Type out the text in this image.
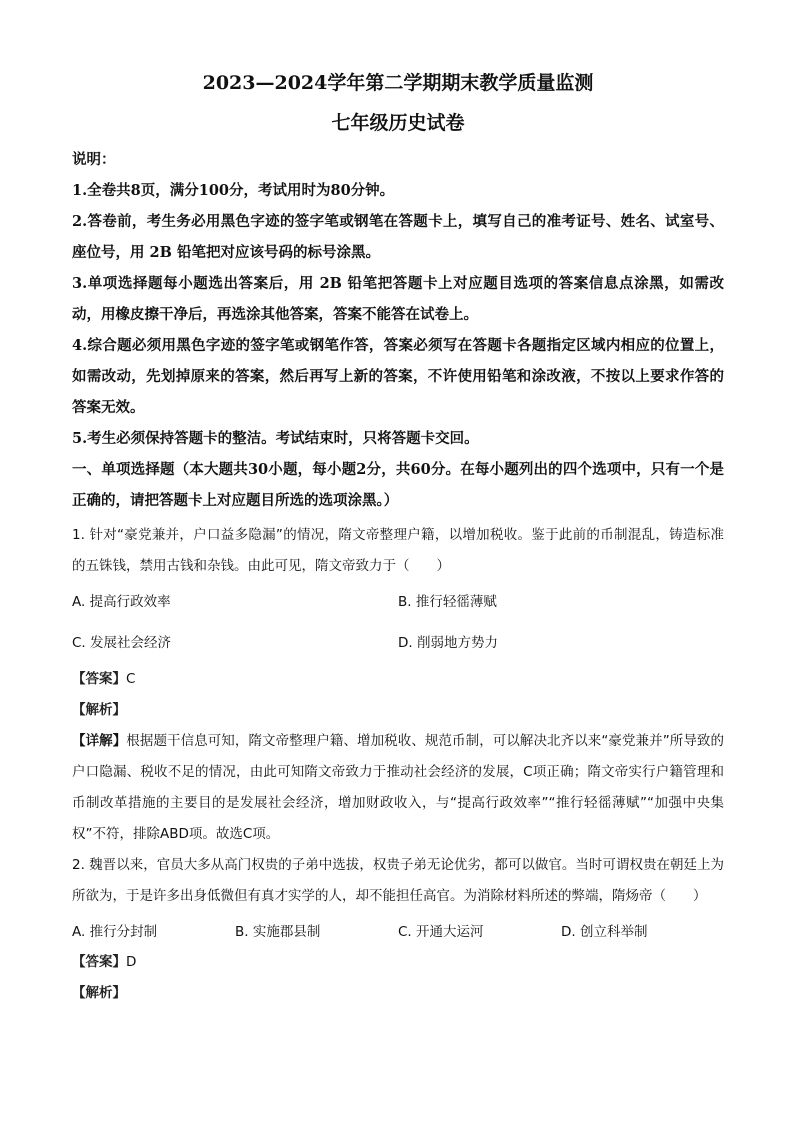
2023—2024学年第二学期期末教学质量监测
七年级历史试卷

说明：

1.全卷共8页，满分100分，考试用时为80分钟。

2.答卷前，考生务必用黑色字迹的签字笔或钢笔在答题卡上，填写自己的准考证号、姓名、试室号、座位号，用 2B 铅笔把对应该号码的标号涂黑。

3.单项选择题每小题选出答案后，用 2B 铅笔把答题卡上对应题目选项的答案信息点涂黑，如需改动，用橡皮擦干净后，再选涂其他答案，答案不能答在试卷上。

4.综合题必须用黑色字迹的签字笔或钢笔作答，答案必须写在答题卡各题指定区域内相应的位置上，如需改动，先划掉原来的答案，然后再写上新的答案，不许使用铅笔和涂改液，不按以上要求作答的答案无效。

5.考生必须保持答题卡的整洁。考试结束时，只将答题卡交回。

一、单项选择题（本大题共30小题，每小题2分，共60分。在每小题列出的四个选项中，只有一个是正确的，请把答题卡上对应题目所选的选项涂黑。）

1. 针对“豪党兼并，户口益多隐漏”的情况，隋文帝整理户籍，以增加税收。鉴于此前的币制混乱，铸造标准的五铢钱，禁用古钱和杂钱。由此可见，隋文帝致力于（　　）

A. 提高行政效率	B. 推行轻徭薄赋
C. 发展社会经济	D. 削弱地方势力

【答案】C

【解析】

【详解】根据题干信息可知，隋文帝整理户籍、增加税收、规范币制，可以解决北齐以来“豪党兼并”所导致的户口隐漏、税收不足的情况，由此可知隋文帝致力于推动社会经济的发展，C项正确；隋文帝实行户籍管理和币制改革措施的主要目的是发展社会经济，增加财政收入，与“提高行政效率”“推行轻徭薄赋”“加强中央集权”不符，排除ABD项。故选C项。

2. 魏晋以来，官员大多从高门权贵的子弟中选拔，权贵子弟无论优劣，都可以做官。当时可谓权贵在朝廷上为所欲为，于是许多出身低微但有真才实学的人，却不能担任高官。为消除材料所述的弊端，隋炀帝（　　）

A. 推行分封制	B. 实施郡县制	C. 开通大运河	D. 创立科举制

【答案】D

【解析】
